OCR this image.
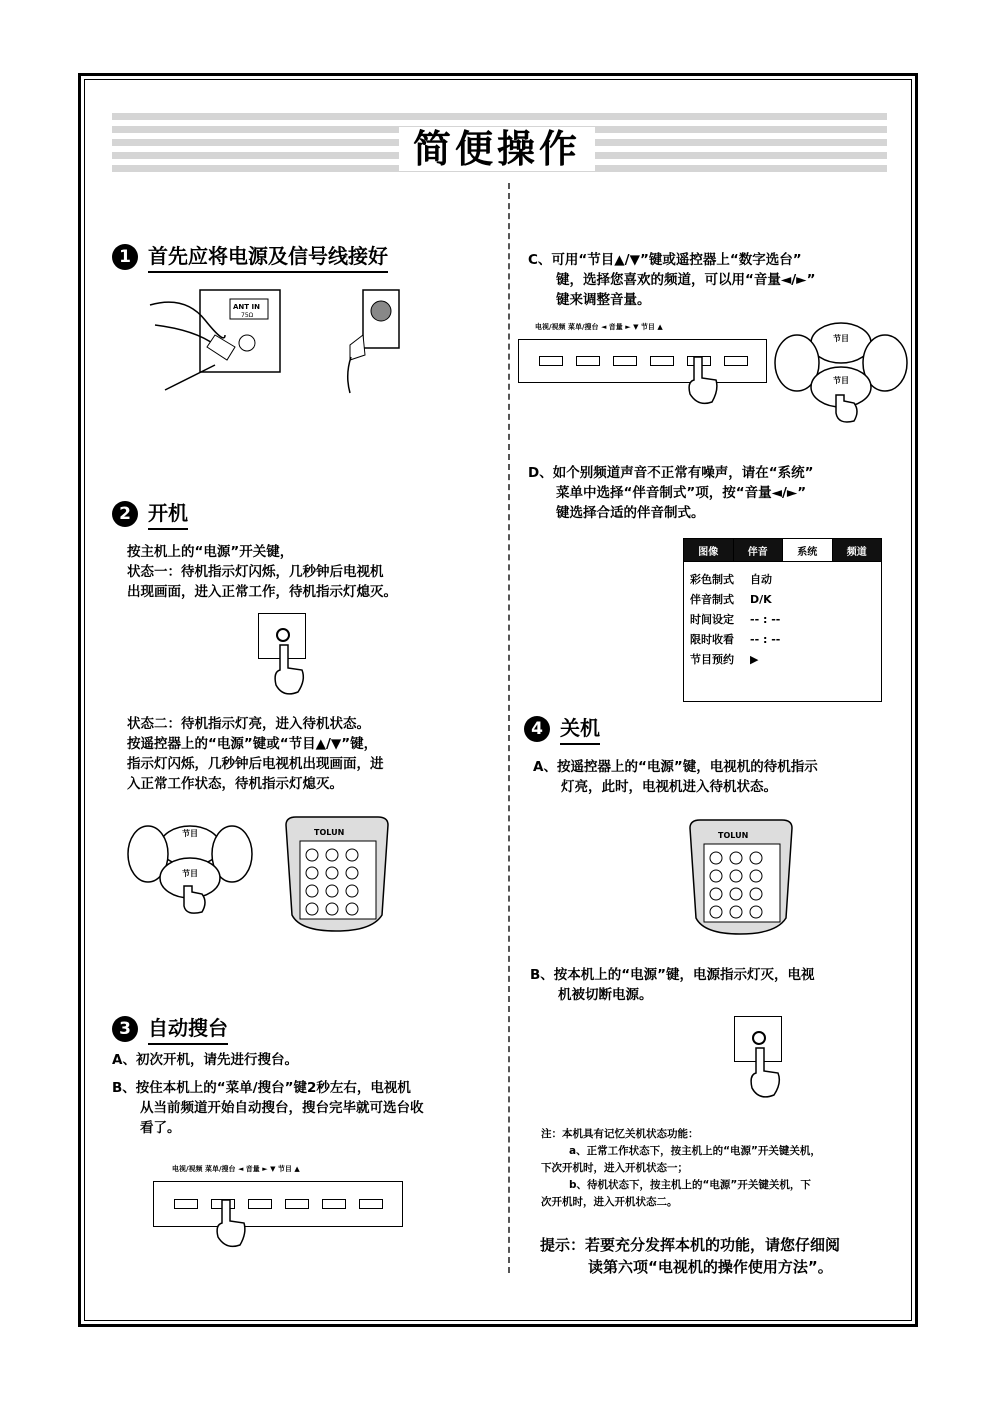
简便操作
1 首先应将电源及信号线接好
ANT IN
75Ω
2 开机
按主机上的“电源”开关键，
状态一：待机指示灯闪烁，几秒钟后电视机
出现画面，进入正常工作，待机指示灯熄灭。
状态二：待机指示灯亮，进入待机状态。
按遥控器上的“电源”键或“节目▲/▼”键，
指示灯闪烁，几秒钟后电视机出现画面，进
入正常工作状态，待机指示灯熄灭。
节目
节目
TOLUN
3 自动搜台
A、初次开机，请先进行搜台。
B、按住本机上的“菜单/搜台”键2秒左右，电视机
从当前频道开始自动搜台，搜台完毕就可选台收
看了。
电视/视频 菜单/搜台 ◄ 音量 ► ▼ 节目 ▲
C、可用“节目▲/▼”键或遥控器上“数字选台”
键，选择您喜欢的频道，可以用“音量◄/►”
键来调整音量。
电视/视频 菜单/搜台 ◄ 音量 ► ▼ 节目 ▲
节目
节目
D、如个别频道声音不正常有噪声，请在“系统”
菜单中选择“伴音制式”项，按“音量◄/►”
键选择合适的伴音制式。
图像	伴音	系统	频道
彩色制式 自动
伴音制式 D/K
时间设定 -- : --
限时收看 -- : --
节目预约 ▶
4 关机
A、按遥控器上的“电源”键，电视机的待机指示
灯亮，此时，电视机进入待机状态。
TOLUN
B、按本机上的“电源”键，电源指示灯灭，电视
机被切断电源。
注：本机具有记忆关机状态功能：
a、正常工作状态下，按主机上的“电源”开关键关机，
下次开机时，进入开机状态一；
b、待机状态下，按主机上的“电源”开关键关机，下
次开机时，进入开机状态二。
提示：若要充分发挥本机的功能，请您仔细阅
读第六项“电视机的操作使用方法”。
